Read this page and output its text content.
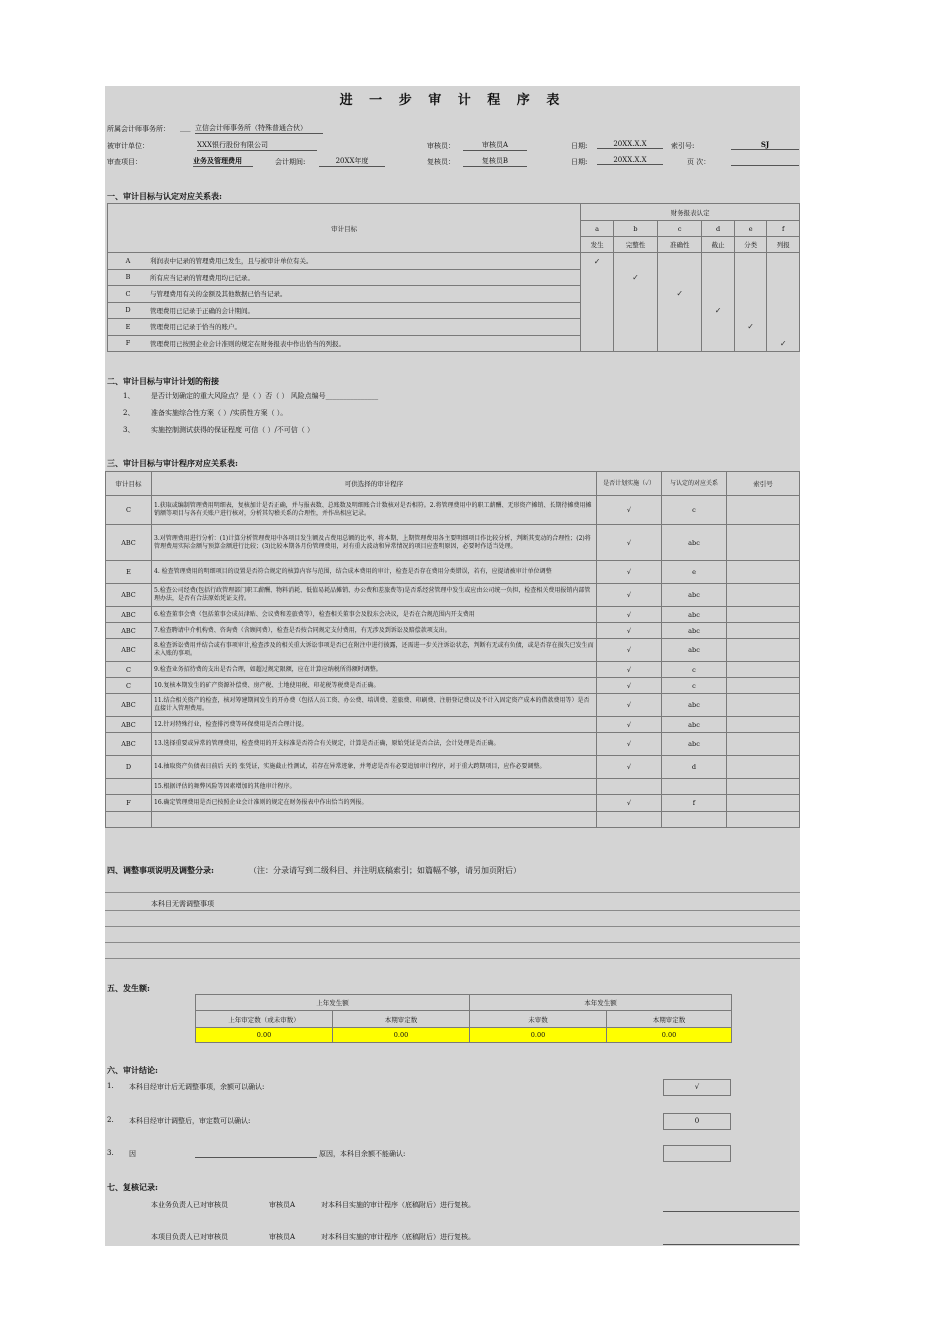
进 一 步 审 计 程 序 表
所属会计师事务所： ___ 立信会计师事务所（特殊普通合伙）
被审计单位：	XXX银行股份有限公司	审核员：	审核员A	日期:	20XX.X.X	索引号:	SJ
审查项目：	业务及管理费用	会计期间:	20XX年度	复核员：	复核员B	日期:	20XX.X.X	页 次：
一、审计目标与认定对应关系表:
审计目标		财务报表认定					
		a	b	c	d	e	f
		发生	完整性	准确性	截止	分类	列报
A	利润表中记录的管理费用已发生，且与被审计单位有关。	✓					
B	所有应当记录的管理费用均已记录。		✓				
C	与管理费用有关的金额及其他数据已恰当记录。			✓			
D	管理费用已记录于正确的会计期间。				✓		
E	管理费用已记录于恰当的账户。					✓	
F	管理费用已按照企业会计准则的规定在财务报表中作出恰当的列报。						✓
二、审计目标与审计计划的衔接
1、 是否计划确定的重大风险点？是（ ）否（ ） 风险点编号_______________
2、 准备实施综合性方案（ ）/实质性方案（ ）。
3、 实施控制测试获得的保证程度 可信（ ）/不可信（ ）
三、审计目标与审计程序对应关系表:
审计目标	可供选择的审计程序	是否计划实施（✓）	与认定的对应关系	索引号
C	1.获取或编制管理费用明细表，复核加计是否正确，并与报表数、总账数及明细账合计数核对是否相符。2.将管理费用中的职工薪酬、无形资产摊销、长期待摊费用摊销额等项目与各有关账户进行核对，分析其勾稽关系的合理性，并作出相应记录。	√	c	
ABC	3.对管理费用进行分析：(1)计算分析管理费用中各项目发生额及占费用总额的比率，将本期、上期管理费用各主要明细项目作比较分析，判断其变动的合理性；(2)将管理费用实际金额与预算金额进行比较；(3)比较本期各月份管理费用，对有重大波动和异常情况的项目应查明原因，必要时作适当处理。	√	abc	
E	4. 检查管理费用的明细项目的设置是否符合规定的核算内容与范围，结合成本费用的审计，检查是否存在费用分类错误，若有，应提请被审计单位调整	√	e	
ABC	5.检查公司经费(包括行政管理部门职工薪酬、物料消耗、低值易耗品摊销、办公费和差旅费等)是否系经营管理中发生或应由公司统一负担，检查相关费用报销内部管理办法，是否有合法原始凭证支持。	√	abc	
ABC	6.检查董事会费（包括董事会成员津贴、会议费和差旅费等），检查相关董事会及股东会决议，是否在合规范围内开支费用	√	abc	
ABC	7.检查聘请中介机构费、咨询费（含顾问费），检查是否按合同规定支付费用，有无涉及到诉讼及赔偿款项支出。	√	abc	
ABC	8.检查诉讼费用并结合或有事项审计,检查涉及的相关重大诉讼事项是否已在附注中进行披露，还需进一步关注诉讼状态，判断有无或有负债，或是否存在损失已发生而未入账的事项。	√	abc	
C	9.检查业务招待费的支出是否合理，如超过规定限额，应在计算应纳税所得额时调整。	√	c	
C	10.复核本期发生的矿产资源补偿费、房产税、土地使用税、印花税等税费是否正确。	√	c	
ABC	11.结合相关资产的检查，核对筹建期间发生的开办费（包括人员工资、办公费、培训费、差旅费、印刷费、注册登记费以及不计入固定资产成本的借款费用等）是否直接计入管理费用。	√	abc	
ABC	12.针对特殊行业，检查排污费等环保费用是否合理计提。	√	abc	
ABC	13.选择重要或异常的管理费用，检查费用的开支标准是否符合有关规定，计算是否正确，原始凭证是否合法，会计处理是否正确。	√	abc	
D	14.抽取资产负债表日前后 天的 张凭证，实施截止性测试，若存在异常迹象，并考虑是否有必要追加审计程序，对于重大跨期项目，应作必要调整。	√	d	
	15.根据评估的舞弊风险等因素增加的其他审计程序。			
F	16.确定管理费用是否已按照企业会计准则的规定在财务报表中作出恰当的列报。	√	f	

四、调整事项说明及调整分录:	（注：分录请写到二级科目、并注明底稿索引；如篇幅不够，请另加页附后）
本科目无需调整事项
五、发生额:
上年发生额		本年发生额	
上年审定数（或未审数）	本期审定数	未审数	本期审定数
0.00	0.00	0.00	0.00
六、审计结论:
1. 本科目经审计后无调整事项，余额可以确认:	√
2. 本科目经审计调整后，审定数可以确认:	0
3. 因	原因，本科目余额不能确认:
七、复核记录:
本业务负责人已对审核员	审核员A	对本科目实施的审计程序（底稿附后）进行复核。
本项目负责人已对审核员	审核员A	对本科目实施的审计程序（底稿附后）进行复核。
